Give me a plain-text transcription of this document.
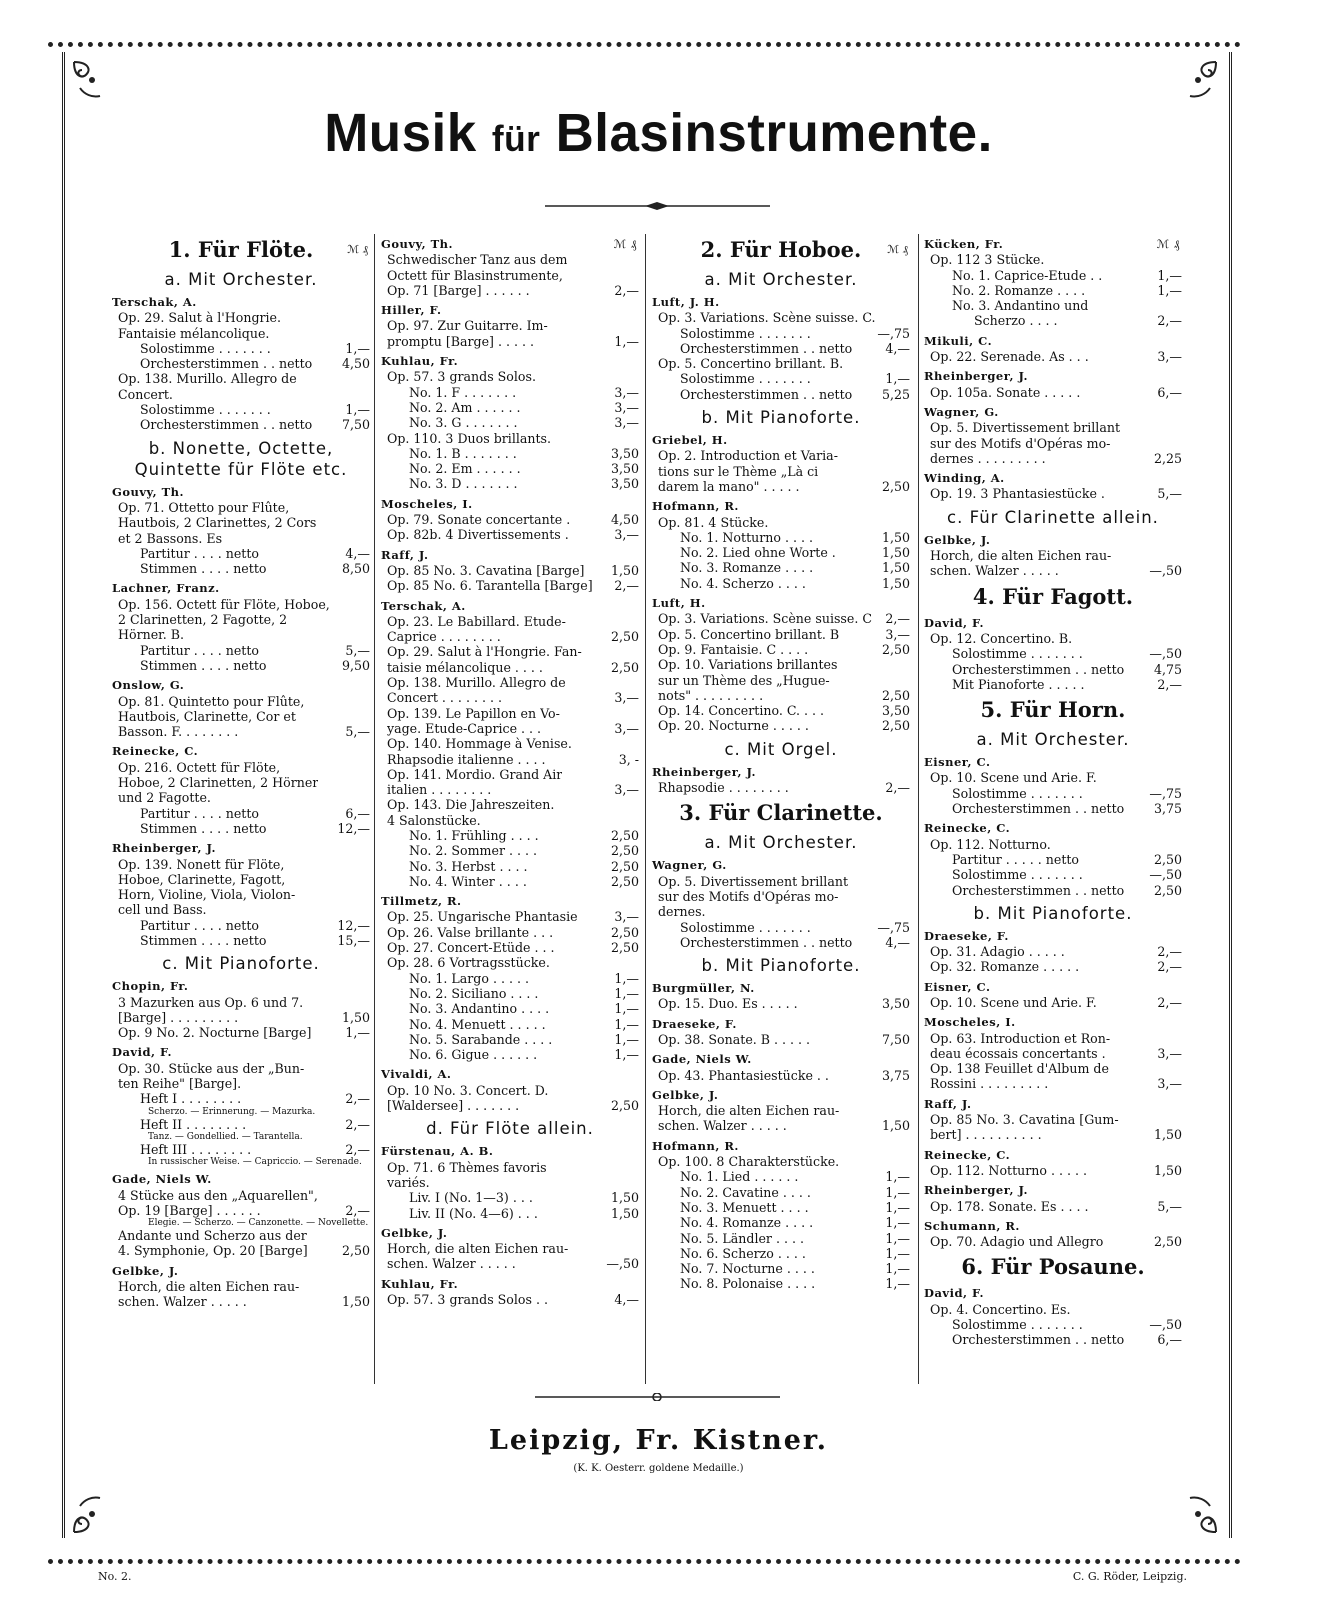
Musik für Blasinstrumente.
1. Für Flöte.	ℳ ₰
a. Mit Orchester.
Terschak, A.
Op. 29. Salut à l'Hongrie.
Fantaisie mélancolique.
Solostimme . . . . . . .	1,—
Orchesterstimmen . . netto 4,50
Op. 138. Murillo. Allegro de
Concert.
Solostimme . . . . . . .	1,—
Orchesterstimmen . . netto 7,50
b. Nonette, Octette, Quintette für Flöte etc.
Gouvy, Th.
Op. 71. Ottetto pour Flûte,
Hautbois, 2 Clarinettes, 2 Cors
et 2 Bassons. Es
Partitur . . . . netto	4,—
Stimmen . . . . netto	8,50
Lachner, Franz.
Op. 156. Octett für Flöte, Hoboe,
2 Clarinetten, 2 Fagotte, 2
Hörner. B.
Partitur . . . . netto	5,—
Stimmen . . . . netto	9,50
Onslow, G.
Op. 81. Quintetto pour Flûte,
Hautbois, Clarinette, Cor et
Basson. F. . . . . . . .	5,—
Reinecke, C.
Op. 216. Octett für Flöte,
Hoboe, 2 Clarinetten, 2 Hörner
und 2 Fagotte.
Partitur . . . . netto	6,—
Stimmen . . . . netto	12,—
Rheinberger, J.
Op. 139. Nonett für Flöte,
Hoboe, Clarinette, Fagott,
Horn, Violine, Viola, Violon-
cell und Bass.
Partitur . . . . netto	12,—
Stimmen . . . . netto	15,—
c. Mit Pianoforte.
Chopin, Fr.
3 Mazurken aus Op. 6 und 7.
[Barge] . . . . . . . . .	1,50
Op. 9 No. 2. Nocturne [Barge]	1,—
David, F.
Op. 30. Stücke aus der „Bun-
ten Reihe" [Barge].
Heft I . . . . . . . .	2,—
Scherzo. — Erinnerung. — Mazurka.
Heft II . . . . . . . .	2,—
Tanz. — Gondellied. — Tarantella.
Heft III . . . . . . . .	2,—
In russischer Weise. — Capriccio. — Serenade.
Gade, Niels W.
4 Stücke aus den „Aquarellen",
Op. 19 [Barge] . . . . . .	2,—
Elegie. — Scherzo. — Canzonette. — Novellette.
Andante und Scherzo aus der
4. Symphonie, Op. 20 [Barge]	2,50
Gelbke, J.
Horch, die alten Eichen rau-
schen. Walzer . . . . .	1,50
Gouvy, Th.	ℳ ₰
Schwedischer Tanz aus dem
Octett für Blasinstrumente,
Op. 71 [Barge] . . . . . .	2,—
Hiller, F.
Op. 97. Zur Guitarre. Im-
promptu [Barge] . . . . .	1,—
Kuhlau, Fr.
Op. 57. 3 grands Solos.
No. 1. F . . . . . . .	3,—
No. 2. Am . . . . . .	3,—
No. 3. G . . . . . . .	3,—
Op. 110. 3 Duos brillants.
No. 1. B . . . . . . .	3,50
No. 2. Em . . . . . .	3,50
No. 3. D . . . . . . .	3,50
Moscheles, I.
Op. 79. Sonate concertante .	4,50
Op. 82b. 4 Divertissements .	3,—
Raff, J.
Op. 85 No. 3. Cavatina [Barge] 1,50
Op. 85 No. 6. Tarantella [Barge]	2,—
Terschak, A.
Op. 23. Le Babillard. Etude-
Caprice . . . . . . . .	2,50
Op. 29. Salut à l'Hongrie. Fan-
taisie mélancolique . . . .	2,50
Op. 138. Murillo. Allegro de
Concert . . . . . . . .	3,—
Op. 139. Le Papillon en Vo-
yage. Etude-Caprice . . .	3,—
Op. 140. Hommage à Venise.
Rhapsodie italienne . . . .	3, -
Op. 141. Mordio. Grand Air
italien . . . . . . . .	3,—
Op. 143. Die Jahreszeiten.
4 Salonstücke.
No. 1. Frühling . . . .	2,50
No. 2. Sommer . . . .	2,50
No. 3. Herbst . . . .	2,50
No. 4. Winter . . . .	2,50
Tillmetz, R.
Op. 25. Ungarische Phantasie	3,—
Op. 26. Valse brillante . . .	2,50
Op. 27. Concert-Etüde . . .	2,50
Op. 28. 6 Vortragsstücke.
No. 1. Largo . . . . .	1,—
No. 2. Siciliano . . . .	1,—
No. 3. Andantino . . . .	1,—
No. 4. Menuett . . . . .	1,—
No. 5. Sarabande . . . .	1,—
No. 6. Gigue . . . . . .	1,—
Vivaldi, A.
Op. 10 No. 3. Concert. D.
[Waldersee] . . . . . . .	2,50
d. Für Flöte allein.
Fürstenau, A. B.
Op. 71. 6 Thèmes favoris
variés.
Liv. I (No. 1—3) . . .	1,50
Liv. II (No. 4—6) . . .	1,50
Gelbke, J.
Horch, die alten Eichen rau-
schen. Walzer . . . . .	—,50
Kuhlau, Fr.
Op. 57. 3 grands Solos . .	4,—
2. Für Hoboe. ℳ ₰
a. Mit Orchester.
Luft, J. H.
Op. 3. Variations. Scène suisse. C.
Solostimme . . . . . . .	—,75
Orchesterstimmen . . netto	4,—
Op. 5. Concertino brillant. B.
Solostimme . . . . . . .	1,—
Orchesterstimmen . . netto 5,25
b. Mit Pianoforte.
Griebel, H.
Op. 2. Introduction et Varia-
tions sur le Thème „Là ci
darem la mano" . . . . .	2,50
Hofmann, R.
Op. 81. 4 Stücke.
No. 1. Notturno . . . .	1,50
No. 2. Lied ohne Worte .	1,50
No. 3. Romanze . . . .	1,50
No. 4. Scherzo . . . .	1,50
Luft, H.
Op. 3. Variations. Scène suisse. C	2,—
Op. 5. Concertino brillant. B	3,—
Op. 9. Fantaisie. C . . . .	2,50
Op. 10. Variations brillantes
sur un Thème des „Hugue-
nots" . . . . . . . . .	2,50
Op. 14. Concertino. C. . . .	3,50
Op. 20. Nocturne . . . . .	2,50
c. Mit Orgel.
Rheinberger, J.
Rhapsodie . . . . . . . .	2,—
3. Für Clarinette.
a. Mit Orchester.
Wagner, G.
Op. 5. Divertissement brillant
sur des Motifs d'Opéras mo-
dernes.
Solostimme . . . . . . .	—,75
Orchesterstimmen . . netto	4,—
b. Mit Pianoforte.
Burgmüller, N.
Op. 15. Duo. Es . . . . .	3,50
Draeseke, F.
Op. 38. Sonate. B . . . . .	7,50
Gade, Niels W.
Op. 43. Phantasiestücke . .	3,75
Gelbke, J.
Horch, die alten Eichen rau-
schen. Walzer . . . . .	1,50
Hofmann, R.
Op. 100. 8 Charakterstücke.
No. 1. Lied . . . . . .	1,—
No. 2. Cavatine . . . .	1,—
No. 3. Menuett . . . .	1,—
No. 4. Romanze . . . .	1,—
No. 5. Ländler . . . .	1,—
No. 6. Scherzo . . . .	1,—
No. 7. Nocturne . . . .	1,—
No. 8. Polonaise . . . .	1,—
Kücken, Fr.	ℳ ₰
Op. 112 3 Stücke.
No. 1. Caprice-Etude . .	1,—
No. 2. Romanze . . . .	1,—
No. 3. Andantino und
Scherzo . . . .	2,—
Mikuli, C.
Op. 22. Serenade. As . . .	3,—
Rheinberger, J.
Op. 105a. Sonate . . . . .	6,—
Wagner, G.
Op. 5. Divertissement brillant
sur des Motifs d'Opéras mo-
dernes . . . . . . . . .	2,25
Winding, A.
Op. 19. 3 Phantasiestücke .	5,—
c. Für Clarinette allein.
Gelbke, J.
Horch, die alten Eichen rau-
schen. Walzer . . . . .	—,50
4. Für Fagott.
David, F.
Op. 12. Concertino. B.
Solostimme . . . . . . .	—,50
Orchesterstimmen . . netto 4,75
Mit Pianoforte . . . . .	2,—
5. Für Horn.
a. Mit Orchester.
Eisner, C.
Op. 10. Scene und Arie. F.
Solostimme . . . . . . .	—,75
Orchesterstimmen . . netto 3,75
Reinecke, C.
Op. 112. Notturno.
Partitur . . . . . netto	2,50
Solostimme . . . . . . .	—,50
Orchesterstimmen . . netto 2,50
b. Mit Pianoforte.
Draeseke, F.
Op. 31. Adagio . . . . .	2,—
Op. 32. Romanze . . . . .	2,—
Eisner, C.
Op. 10. Scene und Arie. F.	2,—
Moscheles, I.
Op. 63. Introduction et Ron-
deau écossais concertants .	3,—
Op. 138 Feuillet d'Album de
Rossini . . . . . . . . .	3,—
Raff, J.
Op. 85 No. 3. Cavatina [Gum-
bert] . . . . . . . . . .	1,50
Reinecke, C.
Op. 112. Notturno . . . . .	1,50
Rheinberger, J.
Op. 178. Sonate. Es . . . .	5,—
Schumann, R.
Op. 70. Adagio und Allegro	2,50
6. Für Posaune.
David, F.
Op. 4. Concertino. Es.
Solostimme . . . . . . .	—,50
Orchesterstimmen . . netto	6,—
Leipzig, Fr. Kistner.
(K. K. Oesterr. goldene Medaille.)
No. 2.	C. G. Röder, Leipzig.
